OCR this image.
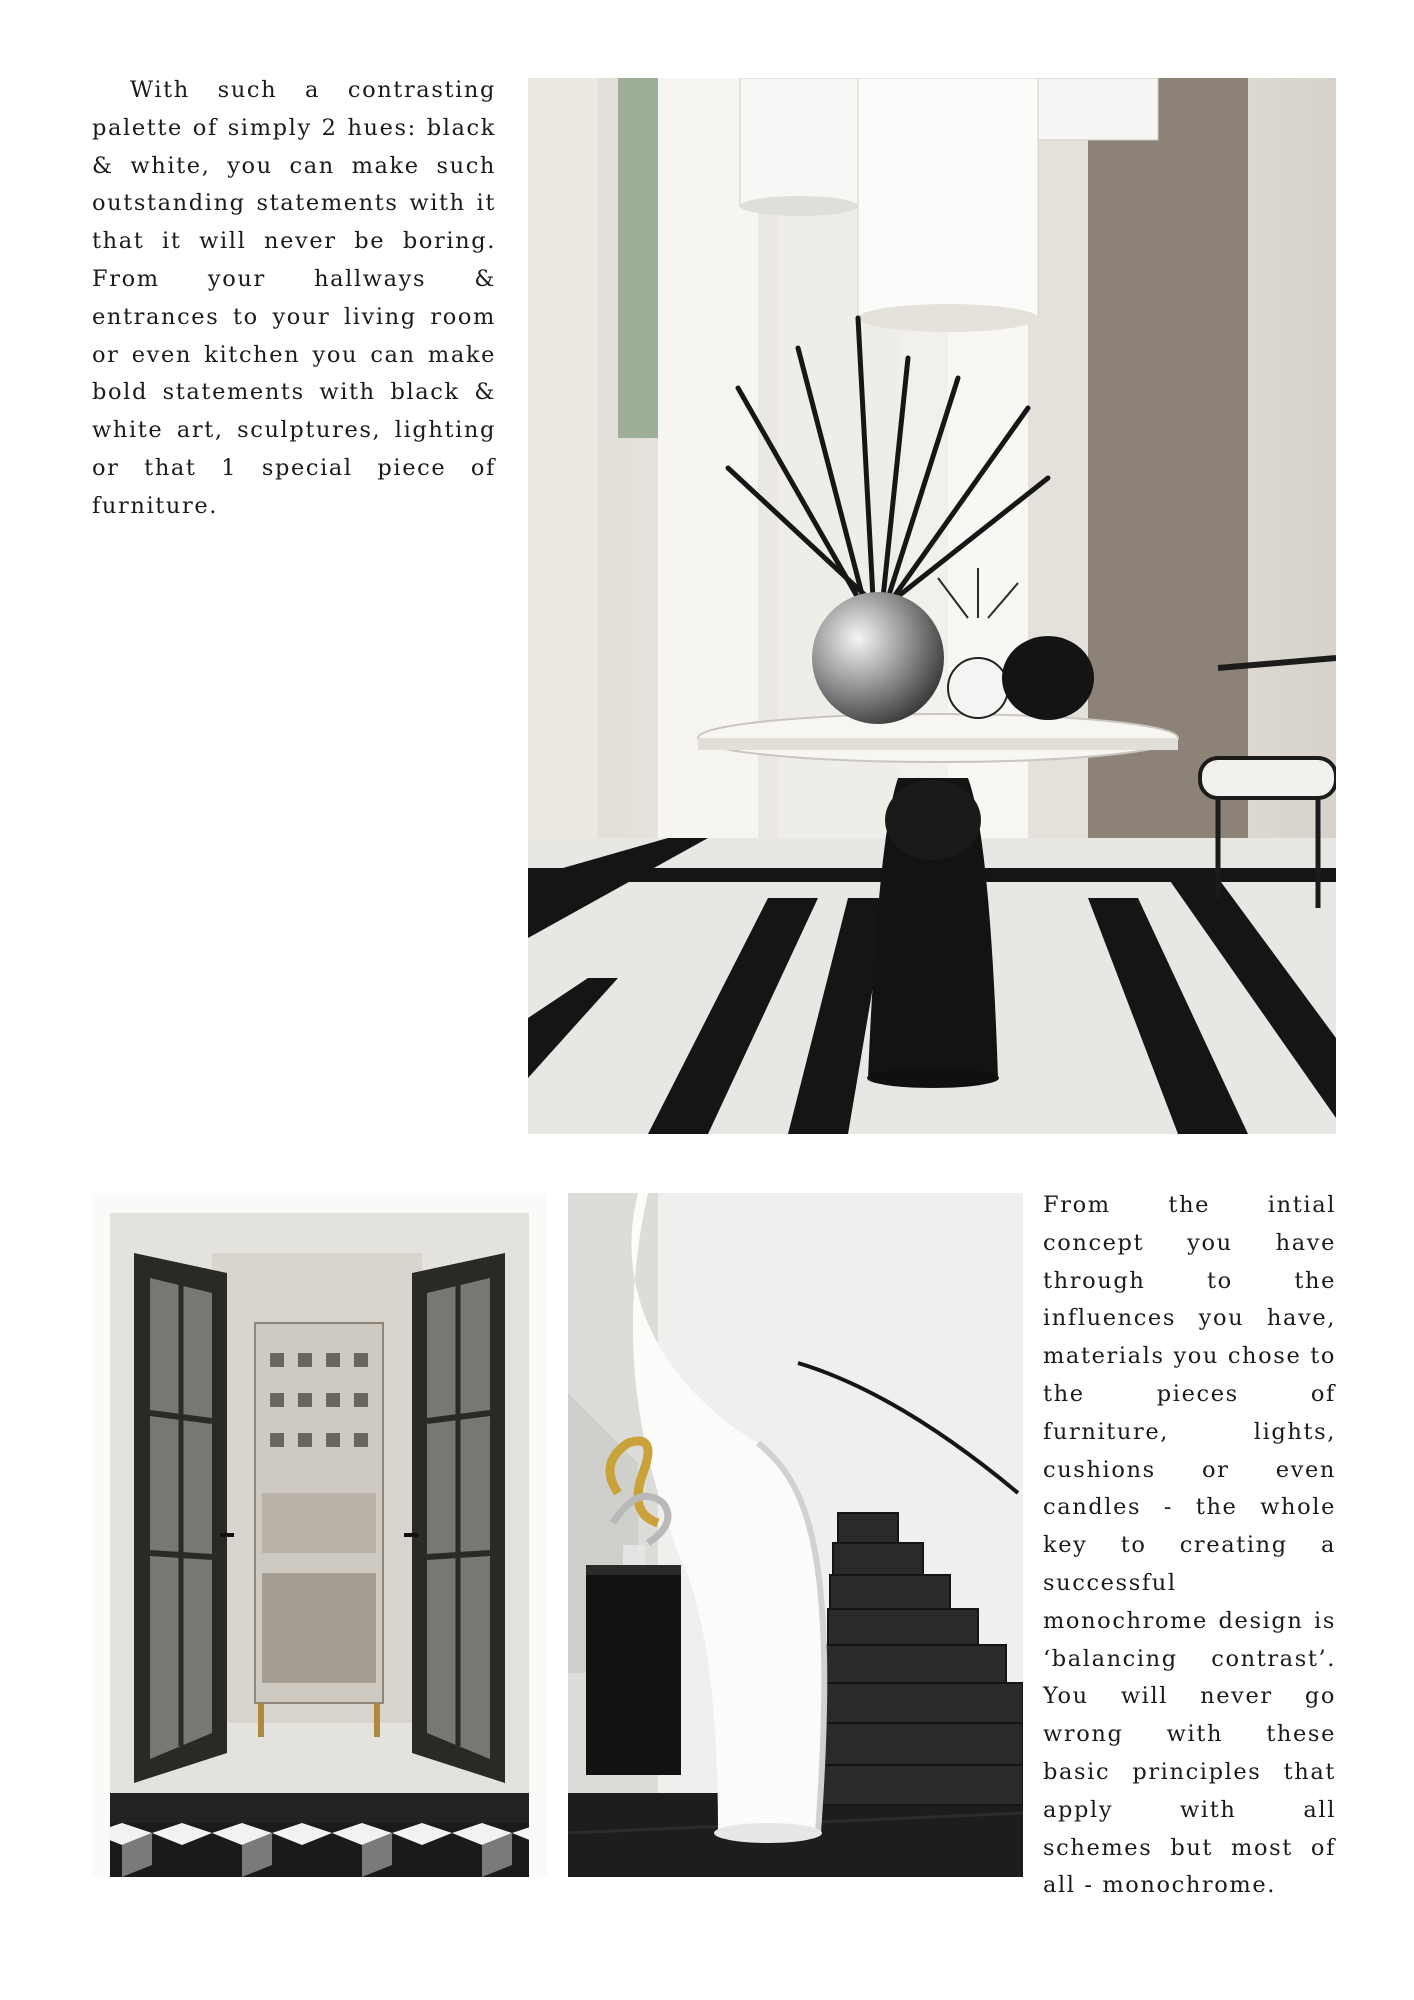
With such a contrasting palette of simply 2 hues: black & white, you can make such outstanding statements with it that it will never be boring. From your hallways & entrances to your living room or even kitchen you can make bold statements with black & white art, sculptures, lighting or that 1 special piece of furniture.

From the intial concept you have through to the influences you have, materials you chose to the pieces of furniture, lights, cushions or even candles - the whole key to creating a successful monochrome design is ‘balancing contrast’. You will never go wrong with these basic principles that apply with all schemes but most of all - monochrome.
